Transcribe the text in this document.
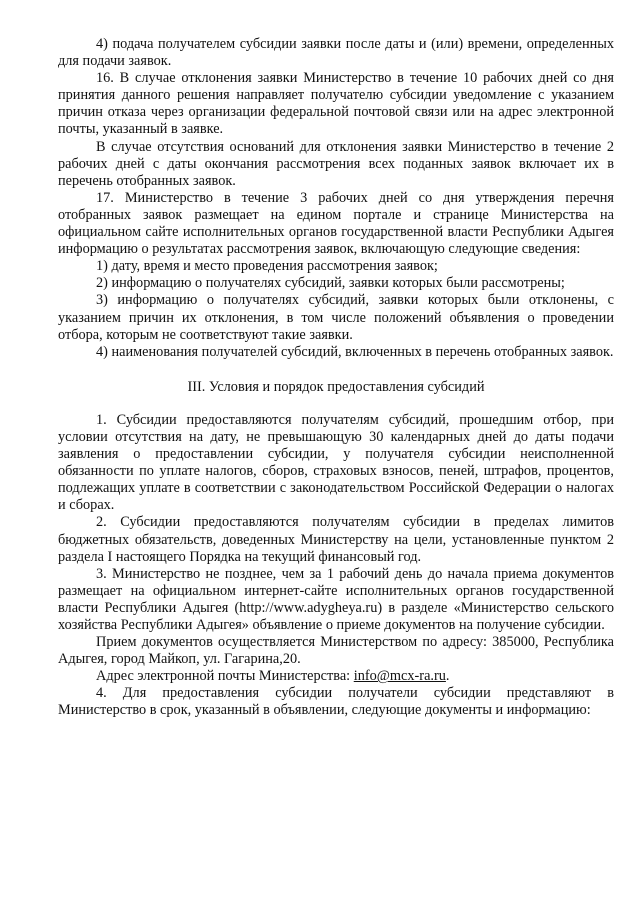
4) подача получателем субсидии заявки после даты и (или) времени, определенных для подачи заявок.

16. В случае отклонения заявки Министерство в течение 10 рабочих дней со дня принятия данного решения направляет получателю субсидии уведомление с указанием причин отказа через организации федеральной почтовой связи или на адрес электронной почты, указанный в заявке.

В случае отсутствия оснований для отклонения заявки Министерство в течение 2 рабочих дней с даты окончания рассмотрения всех поданных заявок включает их в перечень отобранных заявок.

17. Министерство в течение 3 рабочих дней со дня утверждения перечня отобранных заявок размещает на едином портале и странице Министерства на официальном сайте исполнительных органов государственной власти Республики Адыгея информацию о результатах рассмотрения заявок, включающую следующие сведения:

1) дату, время и место проведения рассмотрения заявок;

2) информацию о получателях субсидий, заявки которых были рассмотрены;

3) информацию о получателях субсидий, заявки которых были отклонены, с указанием причин их отклонения, в том числе положений объявления о проведении отбора, которым не соответствуют такие заявки.

4) наименования получателей субсидий, включенных в перечень отобранных заявок.

III. Условия и порядок предоставления субсидий

1. Субсидии предоставляются получателям субсидий, прошедшим отбор, при условии отсутствия на дату, не превышающую 30 календарных дней до даты подачи заявления о предоставлении субсидии, у получателя субсидии неисполненной обязанности по уплате налогов, сборов, страховых взносов, пеней, штрафов, процентов, подлежащих уплате в соответствии с законодательством Российской Федерации о налогах и сборах.

2. Субсидии предоставляются получателям субсидии в пределах лимитов бюджетных обязательств, доведенных Министерству на цели, установленные пунктом 2 раздела I настоящего Порядка на текущий финансовый год.

3. Министерство не позднее, чем за 1 рабочий день до начала приема документов размещает на официальном интернет-сайте исполнительных органов государственной власти Республики Адыгея (http://www.adygheya.ru) в разделе «Министерство сельского хозяйства Республики Адыгея» объявление о приеме документов на получение субсидии.

Прием документов осуществляется Министерством по адресу: 385000, Республика Адыгея, город Майкоп, ул. Гагарина,20.

Адрес электронной почты Министерства: info@mcx-ra.ru.

4. Для предоставления субсидии получатели субсидии представляют в Министерство в срок, указанный в объявлении, следующие документы и информацию:
